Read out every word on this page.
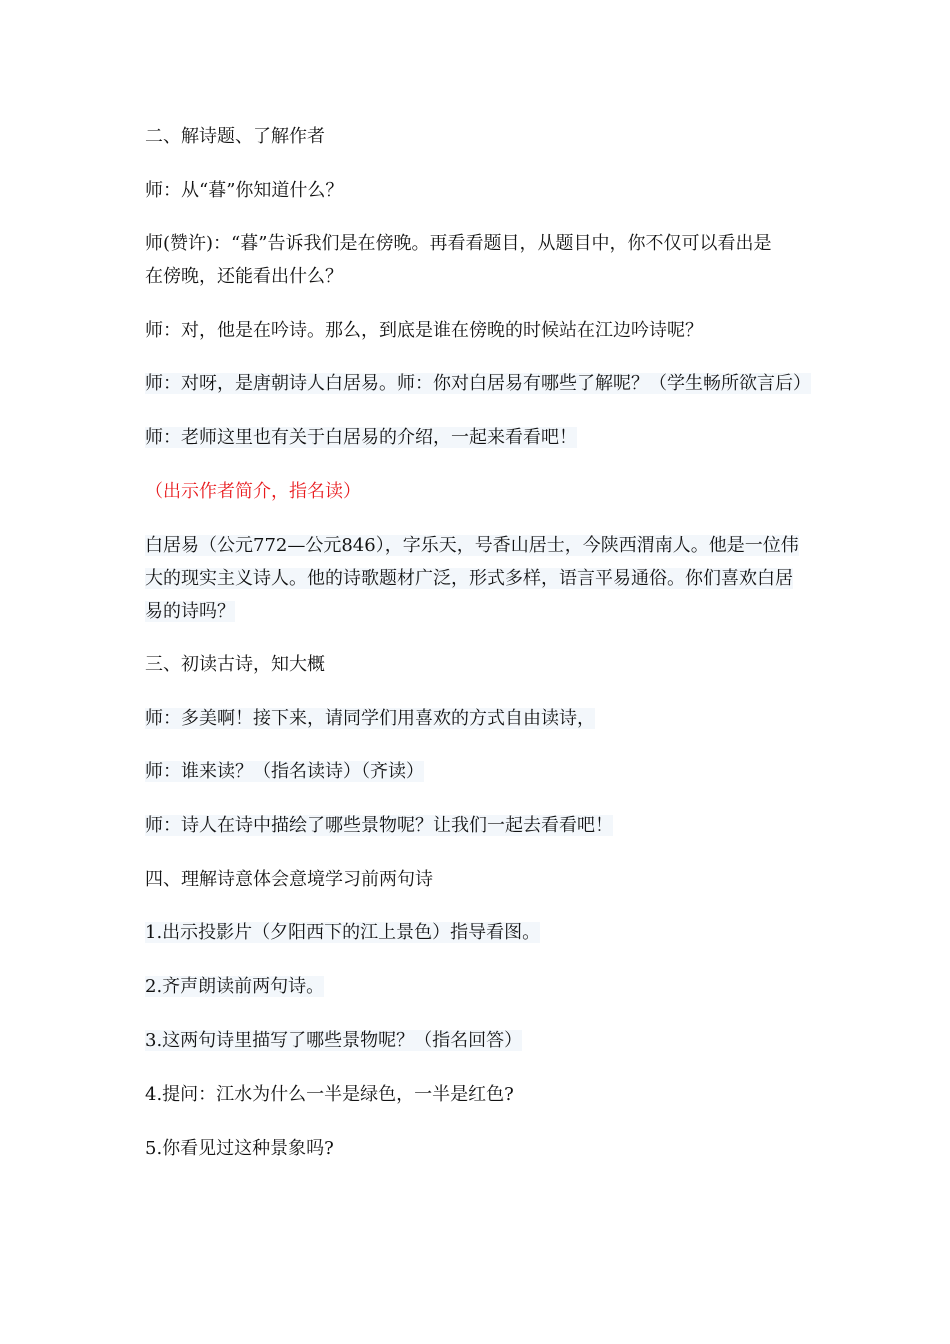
二、解诗题、了解作者
师：从“暮”你知道什么？
师(赞许)：“暮”告诉我们是在傍晚。再看看题目，从题目中，你不仅可以看出是
在傍晚，还能看出什么？
师：对，他是在吟诗。那么，到底是谁在傍晚的时候站在江边吟诗呢？
师：对呀，是唐朝诗人白居易。师：你对白居易有哪些了解呢？（学生畅所欲言后）
师：老师这里也有关于白居易的介绍，一起来看看吧！
（出示作者简介，指名读）
白居易（公元772—公元846），字乐天，号香山居士，今陕西渭南人。他是一位伟
大的现实主义诗人。他的诗歌题材广泛，形式多样，语言平易通俗。你们喜欢白居
易的诗吗？
三、初读古诗，知大概
师：多美啊！接下来，请同学们用喜欢的方式自由读诗，
师：谁来读？（指名读诗）（齐读）
师：诗人在诗中描绘了哪些景物呢？让我们一起去看看吧！
四、理解诗意体会意境学习前两句诗
1.出示投影片（夕阳西下的江上景色）指导看图。
2.齐声朗读前两句诗。
3.这两句诗里描写了哪些景物呢？（指名回答）
4.提问：江水为什么一半是绿色，一半是红色?
5.你看见过这种景象吗?
